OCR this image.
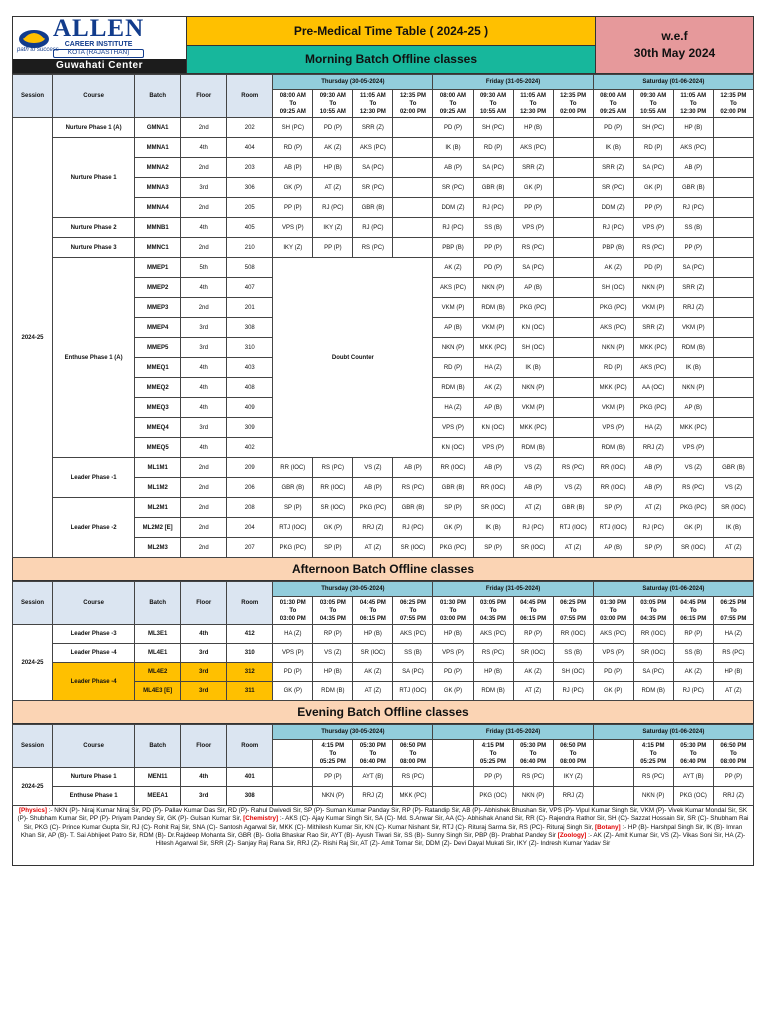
ALLEN
CAREER INSTITUTE
KOTA (RAJASTHAN)
path to success
Guwahati Center
Pre-Medical Time Table ( 2024-25 )
Morning Batch Offline classes
w.e.f
30th May 2024
Session	Course	Batch	Floor	Room	Thursday (30-05-2024)				Friday (31-05-2024)				Saturday (01-06-2024)			

					08:00 AM
To
09:25 AM	09:30 AM
To
10:55 AM	11:05 AM
To
12:30 PM	12:35 PM
To
02:00 PM	08:00 AM
To
09:25 AM	09:30 AM
To
10:55 AM	11:05 AM
To
12:30 PM	12:35 PM
To
02:00 PM	08:00 AM
To
09:25 AM	09:30 AM
To
10:55 AM	11:05 AM
To
12:30 PM	12:35 PM
To
02:00 PM

2024-25	Nurture Phase 1 (A)	GMNA1	2nd	202	SH (PC)	PD (P)	SRR (Z)		PD (P)	SH (PC)	HP (B)		PD (P)	SH (PC)	HP (B)	
	Nurture Phase 1	MMNA1	4th	404	RD (P)	AK (Z)	AKS (PC)		IK (B)	RD (P)	AKS (PC)		IK (B)	RD (P)	AKS (PC)	
		MMNA2	2nd	203	AB (P)	HP (B)	SA (PC)		AB (P)	SA (PC)	SRR (Z)		SRR (Z)	SA (PC)	AB (P)	
		MMNA3	3rd	306	GK (P)	AT (Z)	SR (PC)		SR (PC)	GBR (B)	GK (P)		SR (PC)	GK (P)	GBR (B)	
		MMNA4	2nd	205	PP (P)	RJ (PC)	GBR (B)		DDM (Z)	RJ (PC)	PP (P)		DDM (Z)	PP (P)	RJ (PC)	
	Nurture Phase 2	MMNB1	4th	405	VPS (P)	IKY (Z)	RJ (PC)		RJ (PC)	SS (B)	VPS (P)		RJ (PC)	VPS (P)	SS (B)	
	Nurture Phase 3	MMNC1	2nd	210	IKY (Z)	PP (P)	RS (PC)		PBP (B)	PP (P)	RS (PC)		PBP (B)	RS (PC)	PP (P)	
	Enthuse Phase 1 (A)	MMEP1	5th	508	Doubt Counter				AK (Z)	PD (P)	SA (PC)		AK (Z)	PD (P)	SA (PC)	
		MMEP2	4th	407					AKS (PC)	NKN (P)	AP (B)		SH (OC)	NKN (P)	SRR (Z)	
		MMEP3	2nd	201					VKM (P)	RDM (B)	PKG (PC)		PKG (PC)	VKM (P)	RRJ (Z)	
		MMEP4	3rd	308					AP (B)	VKM (P)	KN (OC)		AKS (PC)	SRR (Z)	VKM (P)	
		MMEP5	3rd	310					NKN (P)	MKK (PC)	SH (OC)		NKN (P)	MKK (PC)	RDM (B)	
		MMEQ1	4th	403					RD (P)	HA (Z)	IK (B)		RD (P)	AKS (PC)	IK (B)	
		MMEQ2	4th	408					RDM (B)	AK (Z)	NKN (P)		MKK (PC)	AA (OC)	NKN (P)	
		MMEQ3	4th	409					HA (Z)	AP (B)	VKM (P)		VKM (P)	PKG (PC)	AP (B)	
		MMEQ4	3rd	309					VPS (P)	KN (OC)	MKK (PC)		VPS (P)	HA (Z)	MKK (PC)	
		MMEQ5	4th	402					KN (OC)	VPS (P)	RDM (B)		RDM (B)	RRJ (Z)	VPS (P)	
	Leader Phase -1	ML1M1	2nd	209	RR (IOC)	RS (PC)	VS (Z)	AB (P)	RR (IOC)	AB (P)	VS (Z)	RS (PC)	RR (IOC)	AB (P)	VS (Z)	GBR (B)
		ML1M2	2nd	206	GBR (B)	RR (IOC)	AB (P)	RS (PC)	GBR (B)	RR (IOC)	AB (P)	VS (Z)	RR (IOC)	AB (P)	RS (PC)	VS (Z)
	Leader Phase -2	ML2M1	2nd	208	SP (P)	SR (IOC)	PKG (PC)	GBR (B)	SP (P)	SR (IOC)	AT (Z)	GBR (B)	SP (P)	AT (Z)	PKG (PC)	SR (IOC)
		ML2M2 [E]	2nd	204	RTJ (IOC)	GK (P)	RRJ (Z)	RJ (PC)	GK (P)	IK (B)	RJ (PC)	RTJ (IOC)	RTJ (IOC)	RJ (PC)	GK (P)	IK (B)
		ML2M3	2nd	207	PKG (PC)	SP (P)	AT (Z)	SR (IOC)	PKG (PC)	SP (P)	SR (IOC)	AT (Z)	AP (B)	SP (P)	SR (IOC)	AT (Z)
Afternoon Batch Offline classes
Session	Course	Batch	Floor	Room	Thursday (30-05-2024)				Friday (31-05-2024)				Saturday (01-06-2024)			

					01:30 PM
To
03:00 PM	03:05 PM
To
04:35 PM	04:45 PM
To
06:15 PM	06:25 PM
To
07:55 PM	01:30 PM
To
03:00 PM	03:05 PM
To
04:35 PM	04:45 PM
To
06:15 PM	06:25 PM
To
07:55 PM	01:30 PM
To
03:00 PM	03:05 PM
To
04:35 PM	04:45 PM
To
06:15 PM	06:25 PM
To
07:55 PM

2024-25	Leader Phase -3	ML3E1	4th	412	HA (Z)	RP (P)	HP (B)	AKS (PC)	HP (B)	AKS (PC)	RP (P)	RR (IOC)	AKS (PC)	RR (IOC)	RP (P)	HA (Z)
	Leader Phase -4	ML4E1	3rd	310	VPS (P)	VS (Z)	SR (IOC)	SS (B)	VPS (P)	RS (PC)	SR (IOC)	SS (B)	VPS (P)	SR (IOC)	SS (B)	RS (PC)
	Leader Phase -4	ML4E2	3rd	312	PD (P)	HP (B)	AK (Z)	SA (PC)	PD (P)	HP (B)	AK (Z)	SH (OC)	PD (P)	SA (PC)	AK (Z)	HP (B)
		ML4E3 [E]	3rd	311	GK (P)	RDM (B)	AT (Z)	RTJ (IOC)	GK (P)	RDM (B)	AT (Z)	RJ (PC)	GK (P)	RDM (B)	RJ (PC)	AT (Z)
Evening Batch Offline classes
Session	Course	Batch	Floor	Room	Thursday (30-05-2024)				Friday (31-05-2024)				Saturday (01-06-2024)			

						4:15 PM
To
05:25 PM	05:30 PM
To
06:40 PM	06:50 PM
To
08:00 PM		4:15 PM
To
05:25 PM	05:30 PM
To
06:40 PM	06:50 PM
To
08:00 PM		4:15 PM
To
05:25 PM	05:30 PM
To
06:40 PM	06:50 PM
To
08:00 PM

2024-25	Nurture Phase 1	MEN11	4th	401		PP (P)	AYT (B)	RS (PC)		PP (P)	RS (PC)	IKY (Z)		RS (PC)	AYT (B)	PP (P)
	Enthuse Phase 1	MEEA1	3rd	308		NKN (P)	RRJ (Z)	MKK (PC)		PKG (OC)	NKN (P)	RRJ (Z)		NKN (P)	PKG (OC)	RRJ (Z)
[Physics] :- NKN (P)- Niraj Kumar Niraj Sir, PD (P)- Pallav Kumar Das Sir, RD (P)- Rahul Dwivedi Sir, SP (P)- Suman Kumar Panday Sir, RP (P)- Ratandip Sir, AB (P)- Abhishek Bhushan Sir, VPS (P)- Vipul Kumar Singh Sir, VKM (P)- Vivek Kumar Mondal Sir, SK (P)- Shubham Kumar Sir, PP (P)- Priyam Pandey Sir, GK (P)- Gulsan Kumar Sir, [Chemistry] :- AKS (C)- Ajay Kumar Singh Sir, SA (C)- Md. S.Anwar Sir, AA (C)- Abhishak Anand Sir, RR (C)- Rajendra Rathor Sir, SH (C)- Sazzat Hossain Sir, SR (C)- Shubham Rai Sir, PKG (C)- Prince Kumar Gupta Sir, RJ (C)- Rohit Raj Sir, SNA (C)- Santosh Agarwal Sir, MKK (C)- Mithilesh Kumar Sir, KN (C)- Kumar Nishant Sir, RTJ (C)- Rituraj Sarma Sir, RS (PC)- Rituraj Singh Sir, [Botany] :- HP (B)- Harshpal Singh Sir, IK (B)- Imran Khan Sir, AP (B)- T. Sai Abhijeet Patro Sir, RDM (B)- Dr.Rajdeep Mohanta Sir, GBR (B)- Golla Bhaskar Rao Sir, AYT (B)- Ayush Tiwari Sir, SS (B)- Sunny Singh Sir, PBP (B)- Prabhat Pandey Sir [Zoology] :- AK (Z)- Amit Kumar Sir, VS (Z)- Vikas Soni Sir, HA (Z)- Hitesh Agarwal Sir, SRR (Z)- Sanjay Raj Rana Sir, RRJ (Z)- Rishi Raj Sir, AT (Z)- Amit Tomar Sir, DDM (Z)- Devi Dayal Mukati Sir, IKY (Z)- Indresh Kumar Yadav Sir
